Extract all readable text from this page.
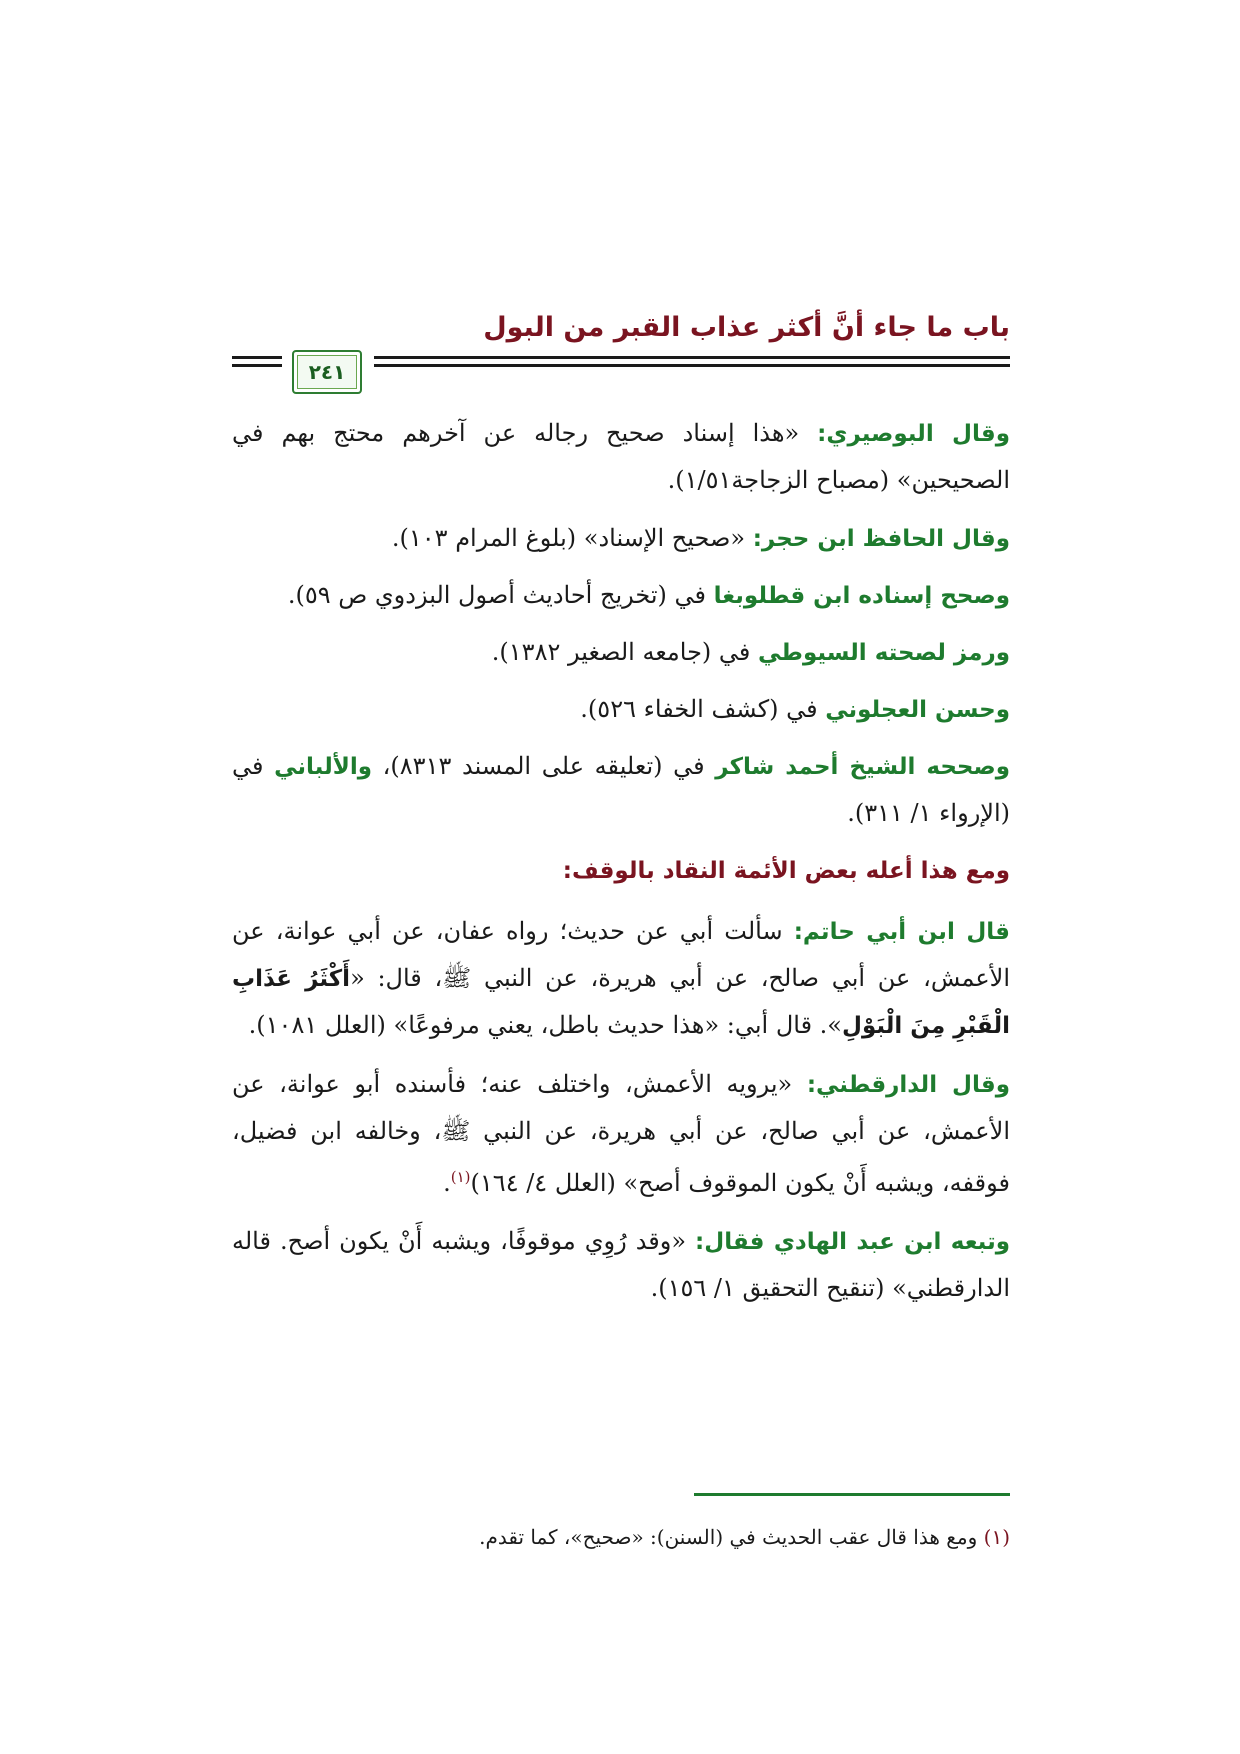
باب ما جاء أنَّ أكثر عذاب القبر من البول
٢٤١

وقال البوصيري: «هذا إسناد صحيح رجاله عن آخرهم محتج بهم في الصحيحين» (مصباح الزجاجة١/٥١).

وقال الحافظ ابن حجر: «صحيح الإسناد» (بلوغ المرام ١٠٣).

وصحح إسناده ابن قطلوبغا في (تخريج أحاديث أصول البزدوي ص ٥٩).

ورمز لصحته السيوطي في (جامعه الصغير ١٣٨٢).

وحسن العجلوني في (كشف الخفاء ٥٢٦).

وصححه الشيخ أحمد شاكر في (تعليقه على المسند ٨٣١٣)، والألباني في (الإرواء ١/ ٣١١).

ومع هذا أعله بعض الأئمة النقاد بالوقف:

قال ابن أبي حاتم: سألت أبي عن حديث؛ رواه عفان، عن أبي عوانة، عن الأعمش، عن أبي صالح، عن أبي هريرة، عن النبي ﷺ، قال: «أَكْثَرُ عَذَابِ الْقَبْرِ مِنَ الْبَوْلِ». قال أبي: «هذا حديث باطل، يعني مرفوعًا» (العلل ١٠٨١).

وقال الدارقطني: «يرويه الأعمش، واختلف عنه؛ فأسنده أبو عوانة، عن الأعمش، عن أبي صالح، عن أبي هريرة، عن النبي ﷺ، وخالفه ابن فضيل، فوقفه، ويشبه أَنْ يكون الموقوف أصح» (العلل ٤/ ١٦٤)$^{(١)}$.

وتبعه ابن عبد الهادي فقال: «وقد رُوِي موقوفًا، ويشبه أَنْ يكون أصح. قاله الدارقطني» (تنقيح التحقيق ١/ ١٥٦).

(١) ومع هذا قال عقب الحديث في (السنن): «صحيح»، كما تقدم.
